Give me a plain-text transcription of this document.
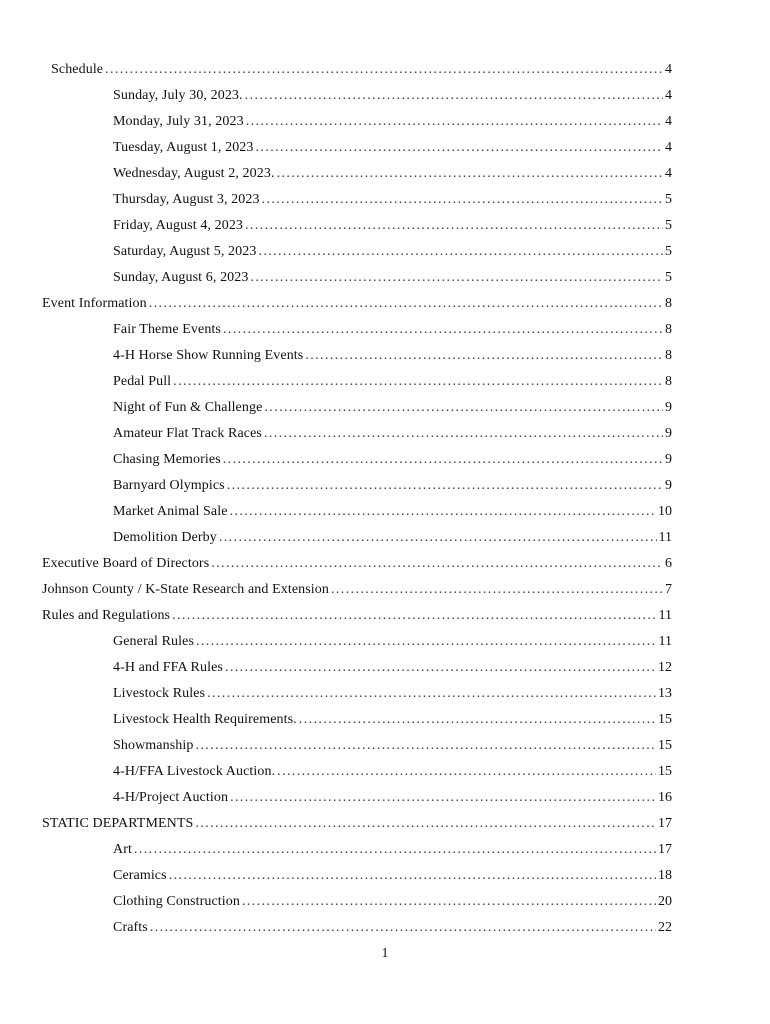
Schedule .....	4
Sunday, July 30, 2023. .....	4
Monday, July 31, 2023 .....	4
Tuesday, August 1, 2023 .....	4
Wednesday, August 2, 2023. .....	4
Thursday, August 3, 2023 .....	5
Friday, August 4, 2023 .....	5
Saturday, August 5, 2023 .....	5
Sunday, August 6, 2023 .....	5
Event Information .....	8
Fair Theme Events .....	8
4-H Horse Show Running Events .....	8
Pedal Pull .....	8
Night of Fun & Challenge .....	9
Amateur Flat Track Races .....	9
Chasing Memories .....	9
Barnyard Olympics .....	9
Market Animal Sale .....	10
Demolition Derby .....	11
Executive Board of Directors .....	6
Johnson County / K-State Research and Extension .....	7
Rules and Regulations .....	11
General Rules .....	11
4-H and FFA Rules .....	12
Livestock Rules .....	13
Livestock Health Requirements. .....	15
Showmanship .....	15
4-H/FFA Livestock Auction. .....	15
4-H/Project Auction .....	16
STATIC DEPARTMENTS .....	17
Art .....	17
Ceramics .....	18
Clothing Construction .....	20
Crafts .....	22
1
